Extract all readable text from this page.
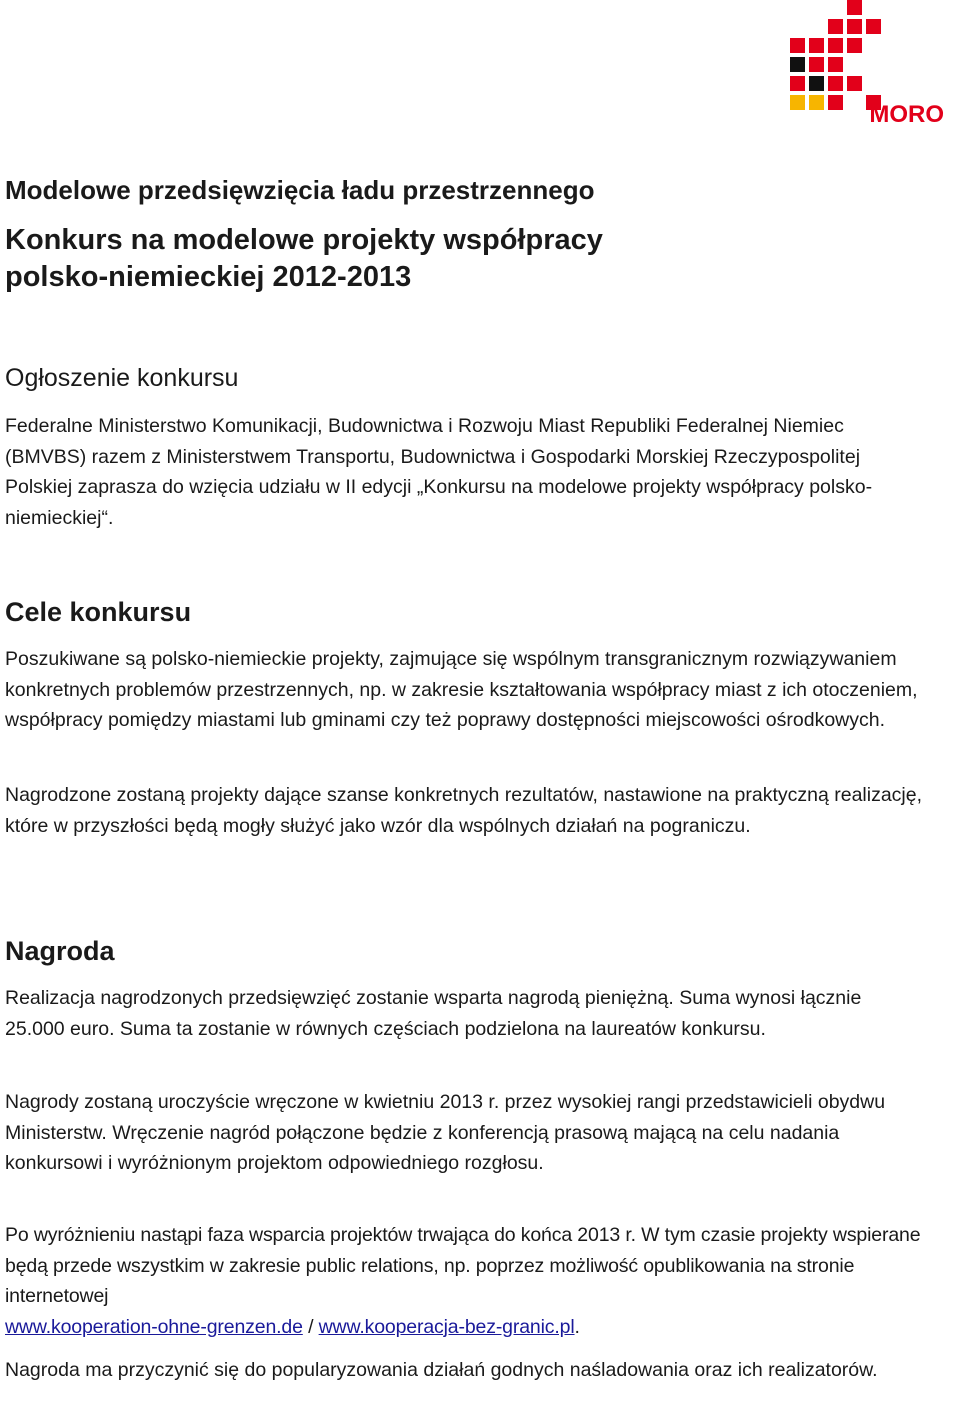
MORO
Modelowe przedsięwzięcia ładu przestrzennego
Konkurs na modelowe projekty współpracy polsko-niemieckiej 2012-2013
Ogłoszenie konkursu

Federalne Ministerstwo Komunikacji, Budownictwa i Rozwoju Miast Republiki Federalnej Niemiec (BMVBS) razem z Ministerstwem Transportu, Budownictwa i Gospodarki Morskiej Rzeczypospolitej Polskiej zaprasza do wzięcia udziału w II edycji „Konkursu na modelowe projekty współpracy polsko-niemieckiej“.

Cele konkursu

Poszukiwane są polsko-niemieckie projekty, zajmujące się wspólnym transgranicznym rozwiązywaniem konkretnych problemów przestrzennych, np. w zakresie kształtowania współpracy miast z ich otoczeniem, współpracy pomiędzy miastami lub gminami czy też poprawy dostępności miejscowości ośrodkowych.

Nagrodzone zostaną projekty dające szanse konkretnych rezultatów, nastawione na praktyczną realizację, które w przyszłości będą mogły służyć jako wzór dla wspólnych działań na pograniczu.

Nagroda

Realizacja nagrodzonych przedsięwzięć zostanie wsparta nagrodą pieniężną. Suma wynosi łącznie 25.000 euro. Suma ta zostanie w równych częściach podzielona na laureatów konkursu.

Nagrody zostaną uroczyście wręczone w kwietniu 2013 r. przez wysokiej rangi przedstawicieli obydwu Ministerstw. Wręczenie nagród połączone będzie z konferencją prasową mającą na celu nadania konkursowi i wyróżnionym projektom odpowiedniego rozgłosu.

Po wyróżnieniu nastąpi faza wsparcia projektów trwająca do końca 2013 r. W tym czasie projekty wspierane będą przede wszystkim w zakresie public relations, np. poprzez możliwość opublikowania na stronie internetowej
www.kooperation-ohne-grenzen.de / www.kooperacja-bez-granic.pl.

Nagroda ma przyczynić się do popularyzowania działań godnych naśladowania oraz ich realizatorów.
